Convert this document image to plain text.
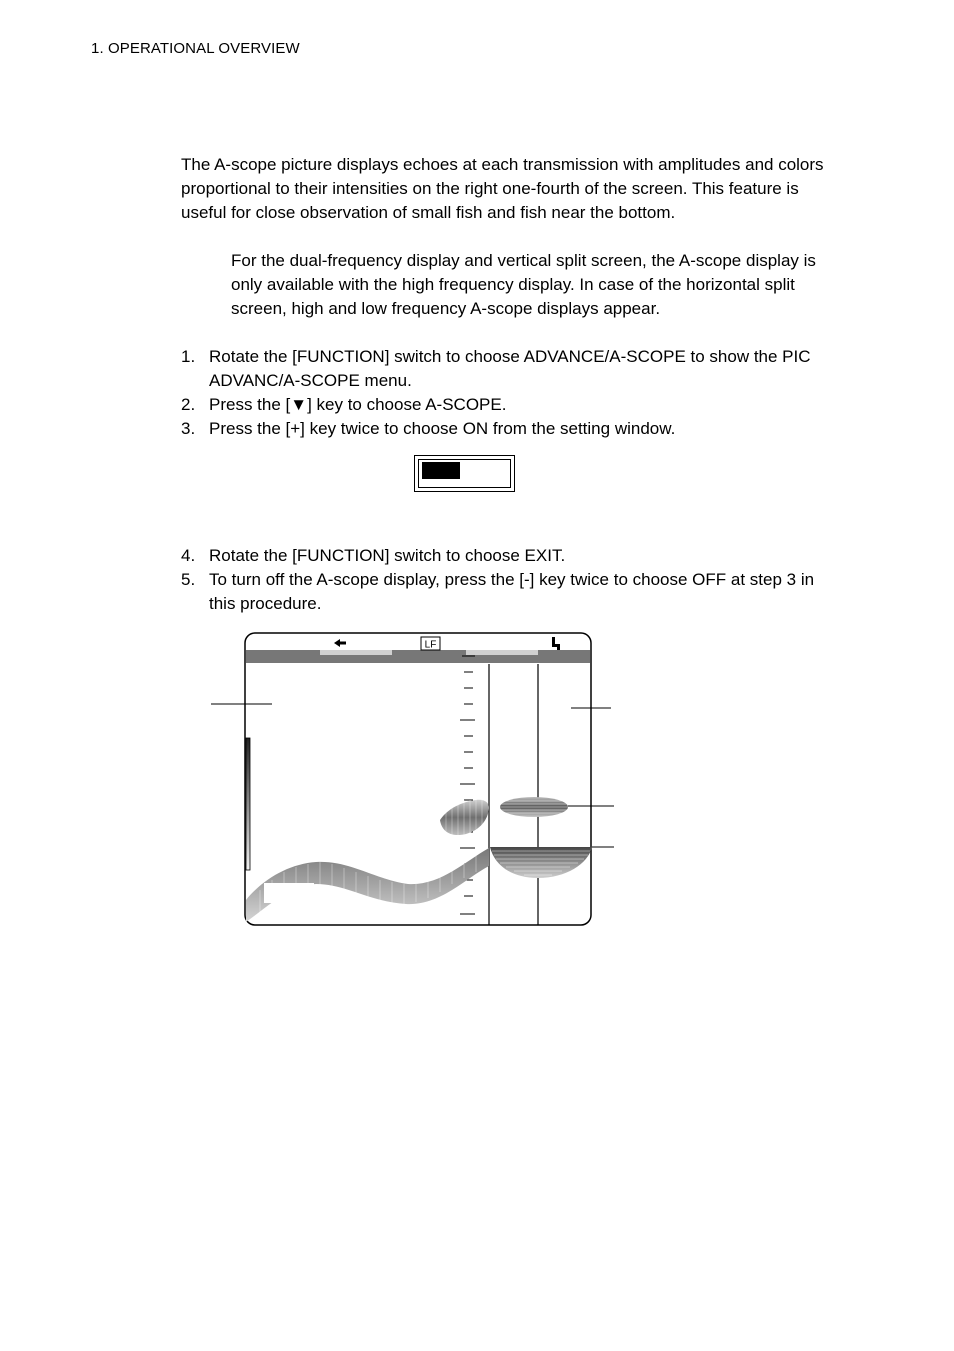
1. OPERATIONAL OVERVIEW
The A-scope picture displays echoes at each transmission with amplitudes and colors proportional to their intensities on the right one-fourth of the screen. This feature is useful for close observation of small fish and fish near the bottom.
For the dual-frequency display and vertical split screen, the A-scope display is only available with the high frequency display. In case of the horizontal split screen, high and low frequency A-scope displays appear.
1. Rotate the [FUNCTION] switch to choose ADVANCE/A-SCOPE to show the PIC ADVANC/A-SCOPE menu.
2. Press the [▼] key to choose A-SCOPE.
3. Press the [+] key twice to choose ON from the setting window.
4. Rotate the [FUNCTION] switch to choose EXIT.
5. To turn off the A-scope display, press the [-] key twice to choose OFF at step 3 in this procedure.
LF
